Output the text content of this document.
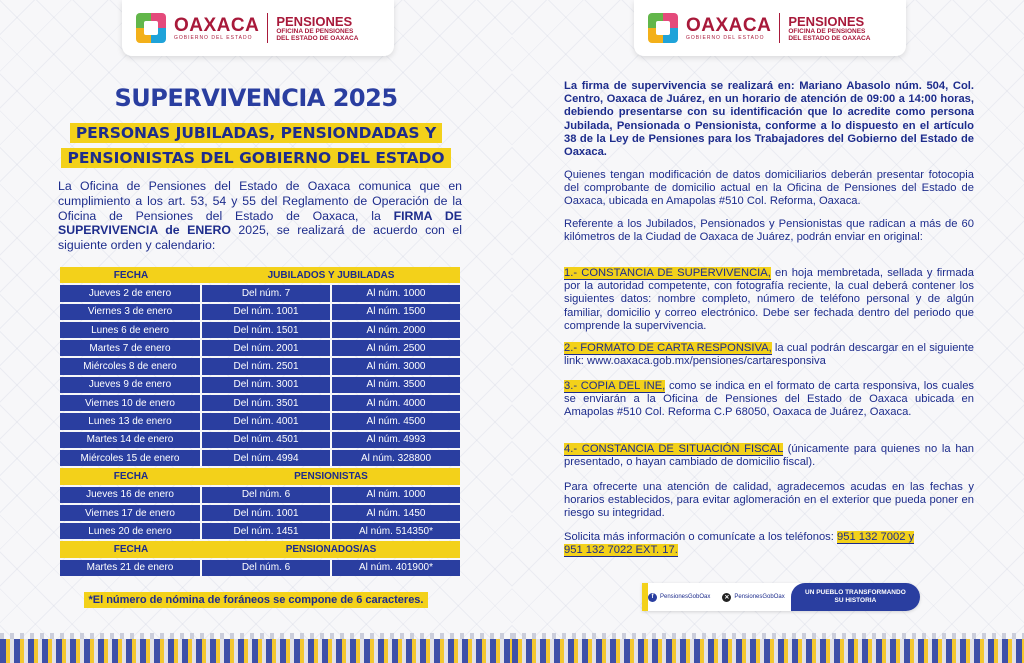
OAXACA
GOBIERNO DEL ESTADO
PENSIONES
OFICINA DE PENSIONES
DEL ESTADO DE OAXACA
SUPERVIVENCIA 2025
PERSONAS JUBILADAS, PENSIONDADAS Y
PENSIONISTAS DEL GOBIERNO DEL ESTADO

La Oficina de Pensiones del Estado de Oaxaca comunica que en cumplimiento a los art. 53, 54 y 55 del Reglamento de Operación de la Oficina de Pensiones del Estado de Oaxaca, la FIRMA DE SUPERVIVENCIA de ENERO 2025, se realizará de acuerdo con el siguiente orden y calendario:

FECHA	JUBILADOS Y JUBILADAS	
Jueves 2 de enero	Del núm. 7	Al núm. 1000
Viernes 3 de enero	Del núm. 1001	Al núm. 1500
Lunes 6 de enero	Del núm. 1501	Al núm. 2000
Martes 7 de enero	Del núm. 2001	Al núm. 2500
Miércoles 8 de enero	Del núm. 2501	Al núm. 3000
Jueves 9 de enero	Del núm. 3001	Al núm. 3500
Viernes 10 de enero	Del núm. 3501	Al núm. 4000
Lunes 13 de enero	Del núm. 4001	Al núm. 4500
Martes 14 de enero	Del núm. 4501	Al núm. 4993
Miércoles 15 de enero	Del núm. 4994	Al núm. 328800
FECHA	PENSIONISTAS	
Jueves 16 de enero	Del núm. 6	Al núm. 1000
Viernes 17 de enero	Del núm. 1001	Al núm. 1450
Lunes 20 de enero	Del núm. 1451	Al núm. 514350*
FECHA	PENSIONADOS/AS	
Martes 21 de enero	Del núm. 6	Al núm. 401900*
*El número de nómina de foráneos se compone de 6 caracteres.
OAXACA
GOBIERNO DEL ESTADO
PENSIONES
OFICINA DE PENSIONES
DEL ESTADO DE OAXACA

La firma de supervivencia se realizará en: Mariano Abasolo núm. 504, Col. Centro, Oaxaca de Juárez, en un horario de atención de 09:00 a 14:00 horas, debiendo presentarse con su identificación que lo acredite como persona Jubilada, Pensionada o Pensionista, conforme a lo dispuesto en el artículo 38 de la Ley de Pensiones para los Trabajadores del Gobierno del Estado de Oaxaca.

Quienes tengan modificación de datos domiciliarios deberán presentar fotocopia del comprobante de domicilio actual en la Oficina de Pensiones del Estado de Oaxaca, ubicada en Amapolas #510 Col. Reforma, Oaxaca.

Referente a los Jubilados, Pensionados y Pensionistas que radican a más de 60 kilómetros de la Ciudad de Oaxaca de Juárez, podrán enviar en original:

1.- CONSTANCIA DE SUPERVIVENCIA, en hoja membretada, sellada y firmada por la autoridad competente, con fotografía reciente, la cual deberá contener los siguientes datos: nombre completo, número de teléfono personal y de algún familiar, domicilio y correo electrónico. Debe ser fechada dentro del periodo que comprende la supervivencia.

2.- FORMATO DE CARTA RESPONSIVA, la cual podrán descargar en el siguiente link: www.oaxaca.gob.mx/pensiones/cartaresponsiva

3.- COPIA DEL INE, como se indica en el formato de carta responsiva, los cuales se enviarán a la Oficina de Pensiones del Estado de Oaxaca ubicada en Amapolas #510 Col. Reforma C.P 68050, Oaxaca de Juárez, Oaxaca.

4.- CONSTANCIA DE SITUACIÓN FISCAL (únicamente para quienes no la han presentado, o hayan cambiado de domicilio fiscal).

Para ofrecerte una atención de calidad, agradecemos acudas en las fechas y horarios establecidos, para evitar aglomeración en el exterior que pueda poner en riesgo su integridad.

Solicita más información o comunícate a los teléfonos: 951 132 7002 y
951 132 7022 EXT. 17.

f	PensionesGobOax	✕ PensionesGobOax
UN PUEBLO TRANSFORMANDO
SU HISTORIA
